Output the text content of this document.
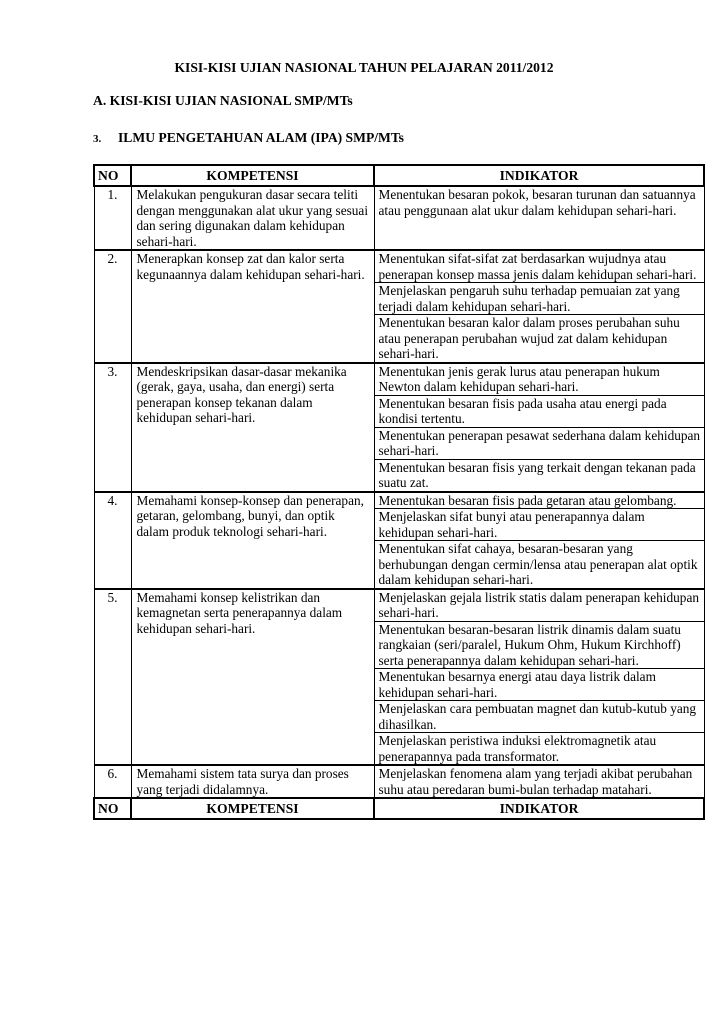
KISI-KISI UJIAN NASIONAL TAHUN PELAJARAN 2011/2012
A. KISI-KISI UJIAN NASIONAL SMP/MTs
3. ILMU PENGETAHUAN ALAM (IPA) SMP/MTs
NO	KOMPETENSI	INDIKATOR
1.	Melakukan pengukuran dasar secara teliti dengan menggunakan alat ukur yang sesuai dan sering digunakan dalam kehidupan sehari-hari.	Menentukan besaran pokok, besaran turunan dan satuannya atau penggunaan alat ukur dalam kehidupan sehari-hari.
2.	Menerapkan konsep zat dan kalor serta kegunaannya dalam kehidupan sehari-hari.	Menentukan sifat-sifat zat berdasarkan wujudnya atau penerapan konsep massa jenis dalam kehidupan sehari-hari.
		Menjelaskan pengaruh suhu terhadap pemuaian zat yang terjadi dalam kehidupan sehari-hari.
		Menentukan besaran kalor dalam proses perubahan suhu atau penerapan perubahan wujud zat dalam kehidupan sehari-hari.
3.	Mendeskripsikan dasar-dasar mekanika (gerak, gaya, usaha, dan energi) serta penerapan konsep tekanan dalam kehidupan sehari-hari.	Menentukan jenis gerak lurus atau penerapan hukum Newton dalam kehidupan sehari-hari.
		Menentukan besaran fisis pada usaha atau energi pada kondisi tertentu.
		Menentukan penerapan pesawat sederhana dalam kehidupan sehari-hari.
		Menentukan besaran fisis yang terkait dengan tekanan pada suatu zat.
4.	Memahami konsep-konsep dan penerapan, getaran, gelombang, bunyi, dan optik dalam produk teknologi sehari-hari.	Menentukan besaran fisis pada getaran atau gelombang.
		Menjelaskan sifat bunyi atau penerapannya dalam kehidupan sehari-hari.
		Menentukan sifat cahaya, besaran-besaran yang berhubungan dengan cermin/lensa atau penerapan alat optik dalam kehidupan sehari-hari.
5.	Memahami konsep kelistrikan dan kemagnetan serta penerapannya dalam kehidupan sehari-hari.	Menjelaskan gejala listrik statis dalam penerapan kehidupan sehari-hari.
		Menentukan besaran-besaran listrik dinamis dalam suatu rangkaian (seri/paralel, Hukum Ohm, Hukum Kirchhoff) serta penerapannya dalam kehidupan sehari-hari.
		Menentukan besarnya energi atau daya listrik dalam kehidupan sehari-hari.
		Menjelaskan cara pembuatan magnet dan kutub-kutub yang dihasilkan.
		Menjelaskan peristiwa induksi elektromagnetik atau penerapannya pada transformator.
6.	Memahami sistem tata surya dan proses yang terjadi didalamnya.	Menjelaskan fenomena alam yang terjadi akibat perubahan suhu atau peredaran bumi-bulan terhadap matahari.
NO	KOMPETENSI	INDIKATOR
